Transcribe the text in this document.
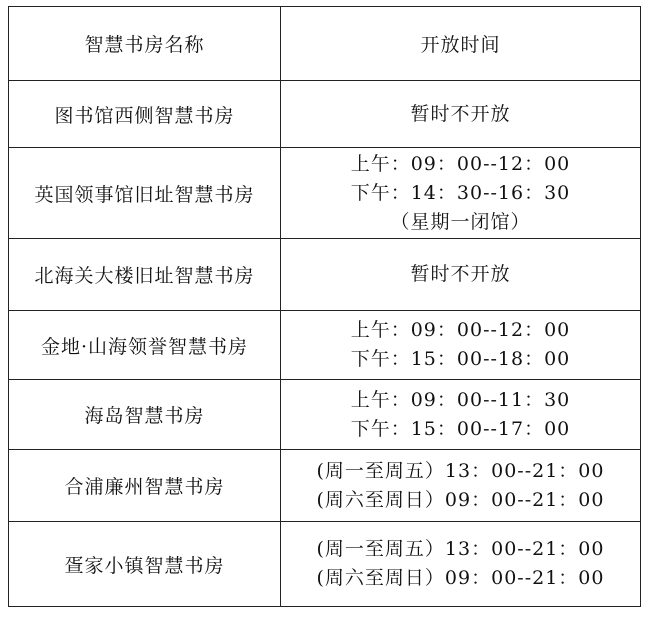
智慧书房名称	开放时间

图书馆西侧智慧书房	暂时不开放

英国领事馆旧址智慧书房	上午：09：00--12：00
下午：14：30--16：30
（星期一闭馆）

北海关大楼旧址智慧书房	暂时不开放

金地·山海领誉智慧书房	上午：09：00--12：00
下午：15：00--18：00

海岛智慧书房	上午：09：00--11：30
下午：15：00--17：00

合浦廉州智慧书房	(周一至周五）13：00--21：00
(周六至周日）09：00--21：00

疍家小镇智慧书房	(周一至周五）13：00--21：00
(周六至周日）09：00--21：00
